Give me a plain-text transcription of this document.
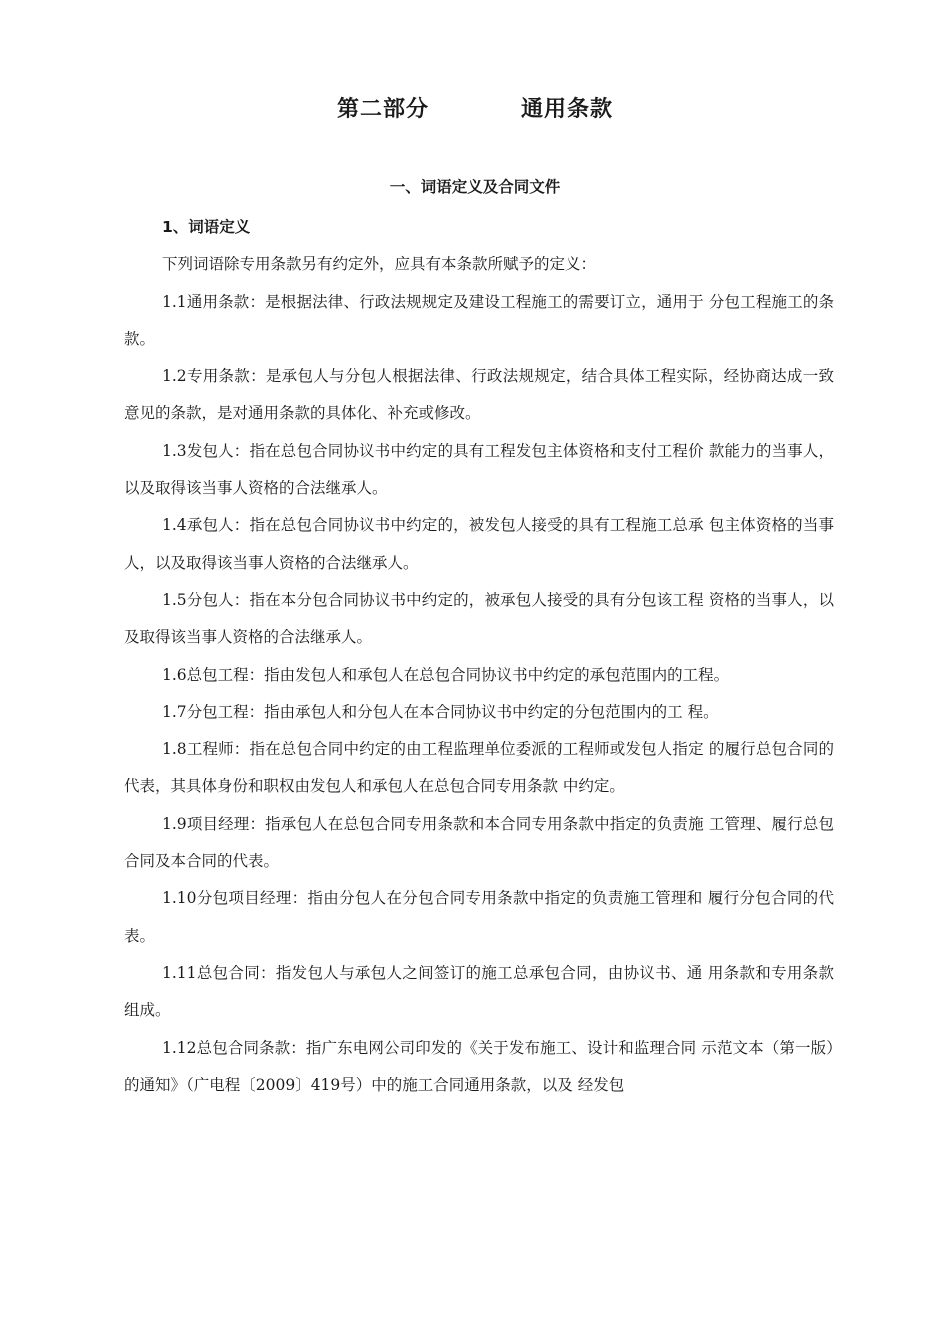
第二部分	通用条款
一、词语定义及合同文件

1、词语定义

下列词语除专用条款另有约定外，应具有本条款所赋予的定义：

1.1通用条款：是根据法律、行政法规规定及建设工程施工的需要订立，通用于 分包工程施工的条款。

1.2专用条款：是承包人与分包人根据法律、行政法规规定，结合具体工程实际，经协商达成一致意见的条款，是对通用条款的具体化、补充或修改。

1.3发包人：指在总包合同协议书中约定的具有工程发包主体资格和支付工程价 款能力的当事人，以及取得该当事人资格的合法继承人。

1.4承包人：指在总包合同协议书中约定的，被发包人接受的具有工程施工总承 包主体资格的当事人，以及取得该当事人资格的合法继承人。

1.5分包人：指在本分包合同协议书中约定的，被承包人接受的具有分包该工程 资格的当事人，以及取得该当事人资格的合法继承人。

1.6总包工程：指由发包人和承包人在总包合同协议书中约定的承包范围内的工程。

1.7分包工程：指由承包人和分包人在本合同协议书中约定的分包范围内的工 程。

1.8工程师：指在总包合同中约定的由工程监理单位委派的工程师或发包人指定 的履行总包合同的代表，其具体身份和职权由发包人和承包人在总包合同专用条款 中约定。

1.9项目经理：指承包人在总包合同专用条款和本合同专用条款中指定的负责施 工管理、履行总包合同及本合同的代表。

1.10分包项目经理：指由分包人在分包合同专用条款中指定的负责施工管理和 履行分包合同的代表。

1.11总包合同：指发包人与承包人之间签订的施工总承包合同，由协议书、通 用条款和专用条款组成。

1.12总包合同条款：指广东电网公司印发的《关于发布施工、设计和监理合同 示范文本（第一版）的通知》（广电程〔2009〕419号）中的施工合同通用条款，以及 经发包
